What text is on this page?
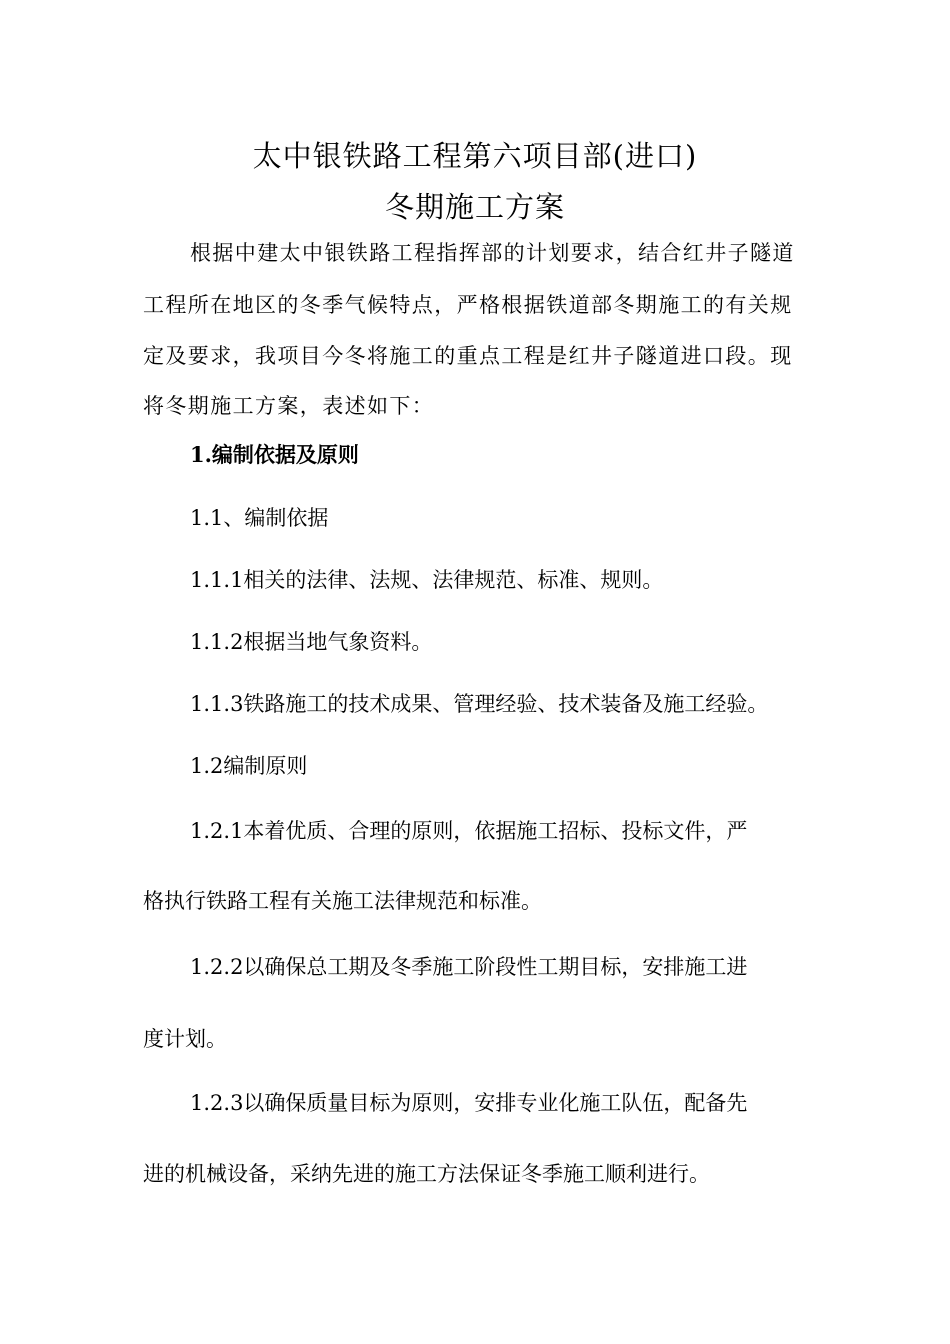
太中银铁路工程第六项目部(进口)
冬期施工方案
根据中建太中银铁路工程指挥部的计划要求，结合红井子隧道
工程所在地区的冬季气候特点，严格根据铁道部冬期施工的有关规
定及要求，我项目今冬将施工的重点工程是红井子隧道进口段。现
将冬期施工方案，表述如下：
1.编制依据及原则
1.1、编制依据
1.1.1相关的法律、法规、法律规范、标准、规则。
1.1.2根据当地气象资料。
1.1.3铁路施工的技术成果、管理经验、技术装备及施工经验。
1.2编制原则
1.2.1本着优质、合理的原则，依据施工招标、投标文件，严
格执行铁路工程有关施工法律规范和标准。
1.2.2以确保总工期及冬季施工阶段性工期目标，安排施工进
度计划。
1.2.3以确保质量目标为原则，安排专业化施工队伍，配备先
进的机械设备，采纳先进的施工方法保证冬季施工顺利进行。
